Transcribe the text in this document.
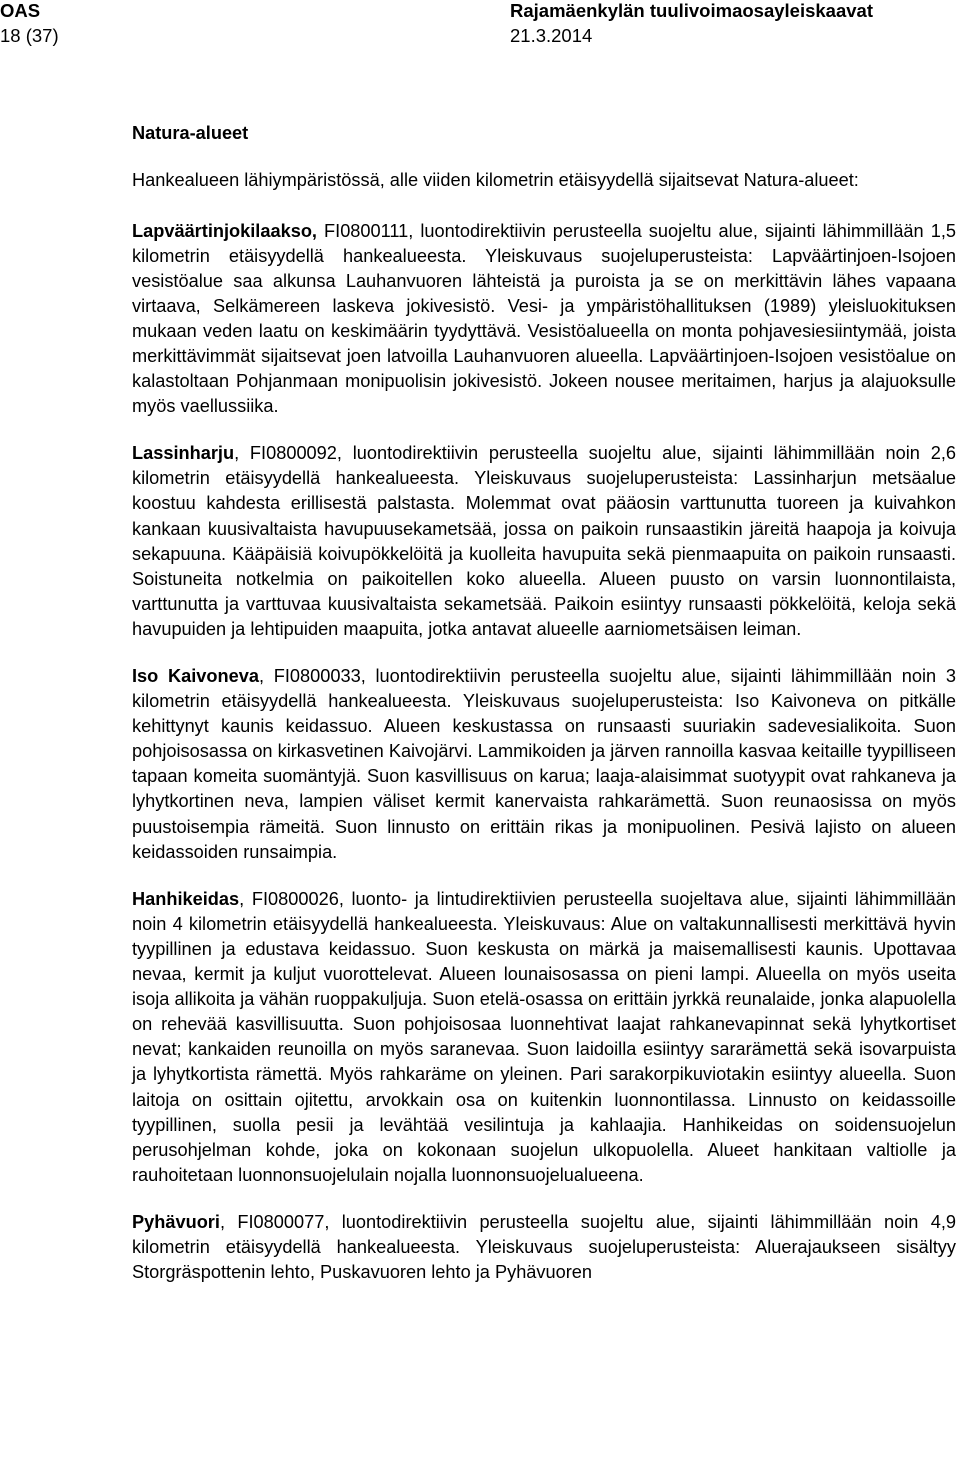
OAS
18 (37)
Rajamäenkylän tuulivoimaosayleiskaavat
21.3.2014
Natura-alueet

Hankealueen lähiympäristössä, alle viiden kilometrin etäisyydellä sijaitsevat Natura-alueet:

Lapväärtinjokilaakso, FI0800111, luontodirektiivin perusteella suojeltu alue, sijainti lähimmillään 1,5 kilometrin etäisyydellä hankealueesta. Yleiskuvaus suojeluperusteista: Lapväärtinjoen-Isojoen vesistöalue saa alkunsa Lauhanvuoren lähteistä ja puroista ja se on merkittävin lähes vapaana virtaava, Selkämereen laskeva jokivesistö. Vesi- ja ympäristöhallituksen (1989) yleisluokituksen mukaan veden laatu on keskimäärin tyydyttävä. Vesistöalueella on monta pohjavesiesiintymää, joista merkittävimmät sijaitsevat joen latvoilla Lauhanvuoren alueella. Lapväärtinjoen-Isojoen vesistöalue on kalastoltaan Pohjanmaan monipuolisin jokivesistö. Jokeen nousee meritaimen, harjus ja alajuoksulle myös vaellussiika.

Lassinharju, FI0800092, luontodirektiivin perusteella suojeltu alue, sijainti lähimmillään noin 2,6 kilometrin etäisyydellä hankealueesta. Yleiskuvaus suojeluperusteista: Lassinharjun metsäalue koostuu kahdesta erillisestä palstasta. Molemmat ovat pääosin varttunutta tuoreen ja kuivahkon kankaan kuusivaltaista havupuusekametsää, jossa on paikoin runsaastikin järeitä haapoja ja koivuja sekapuuna. Kääpäisiä koivupökkelöitä ja kuolleita havupuita sekä pienmaapuita on paikoin runsaasti. Soistuneita notkelmia on paikoitellen koko alueella. Alueen puusto on varsin luonnontilaista, varttunutta ja varttuvaa kuusivaltaista sekametsää. Paikoin esiintyy runsaasti pökkelöitä, keloja sekä havupuiden ja lehtipuiden maapuita, jotka antavat alueelle aarniometsäisen leiman.

Iso Kaivoneva, FI0800033, luontodirektiivin perusteella suojeltu alue, sijainti lähimmillään noin 3 kilometrin etäisyydellä hankealueesta. Yleiskuvaus suojeluperusteista: Iso Kaivoneva on pitkälle kehittynyt kaunis keidassuo. Alueen keskustassa on runsaasti suuriakin sadevesialikoita. Suon pohjoisosassa on kirkasvetinen Kaivojärvi. Lammikoiden ja järven rannoilla kasvaa keitaille tyypilliseen tapaan komeita suomäntyjä. Suon kasvillisuus on karua; laaja-alaisimmat suotyypit ovat rahkaneva ja lyhytkortinen neva, lampien väliset kermit kanervaista rahkarämettä. Suon reunaosissa on myös puustoisempia rämeitä. Suon linnusto on erittäin rikas ja monipuolinen. Pesivä lajisto on alueen keidassoiden runsaimpia.

Hanhikeidas, FI0800026, luonto- ja lintudirektiivien perusteella suojeltava alue, sijainti lähimmillään noin 4 kilometrin etäisyydellä hankealueesta. Yleiskuvaus: Alue on valtakunnallisesti merkittävä hyvin tyypillinen ja edustava keidassuo. Suon keskusta on märkä ja maisemallisesti kaunis. Upottavaa nevaa, kermit ja kuljut vuorottelevat. Alueen lounaisosassa on pieni lampi. Alueella on myös useita isoja allikoita ja vähän ruoppakuljuja. Suon etelä-osassa on erittäin jyrkkä reunalaide, jonka alapuolella on rehevää kasvillisuutta. Suon pohjoisosaa luonnehtivat laajat rahkanevapinnat sekä lyhytkortiset nevat; kankaiden reunoilla on myös saranevaa. Suon laidoilla esiintyy sararämettä sekä isovarpuista ja lyhytkortista rämettä. Myös rahkaräme on yleinen. Pari sarakorpikuviotakin esiintyy alueella. Suon laitoja on osittain ojitettu, arvokkain osa on kuitenkin luonnontilassa. Linnusto on keidassoille tyypillinen, suolla pesii ja levähtää vesilintuja ja kahlaajia. Hanhikeidas on soidensuojelun perusohjelman kohde, joka on kokonaan suojelun ulkopuolella. Alueet hankitaan valtiolle ja rauhoitetaan luonnonsuojelulain nojalla luonnonsuojelualueena.

Pyhävuori, FI0800077, luontodirektiivin perusteella suojeltu alue, sijainti lähimmillään noin 4,9 kilometrin etäisyydellä hankealueesta. Yleiskuvaus suojeluperusteista: Aluerajaukseen sisältyy Storgräspottenin lehto, Puskavuoren lehto ja Pyhävuoren
